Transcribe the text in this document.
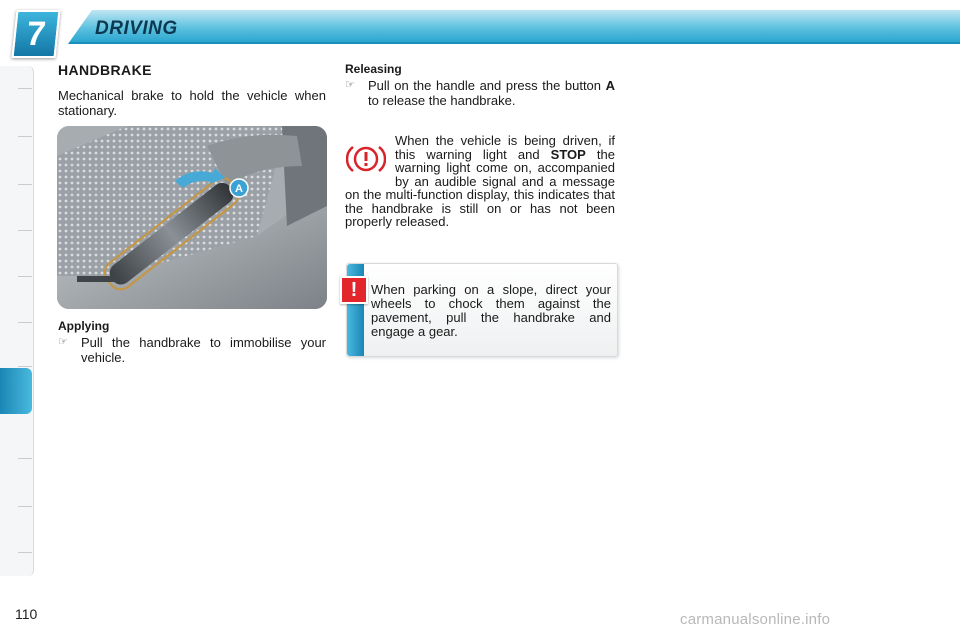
7	DRIVING
HANDBRAKE
Mechanical brake to hold the vehicle when stationary.
A
Applying
☞ Pull the handbrake to immobilise your vehicle.
Releasing
☞ Pull on the handle and press the button A to release the handbrake.
When the vehicle is being driven, if this warning light and STOP the warning light come on, accompanied by an audible signal and a message on the multi-function display, this indicates that the handbrake is still on or has not been properly released.
!	When parking on a slope, direct your wheels to chock them against the pavement, pull the handbrake and engage a gear.
110	carmanualsonline.info
